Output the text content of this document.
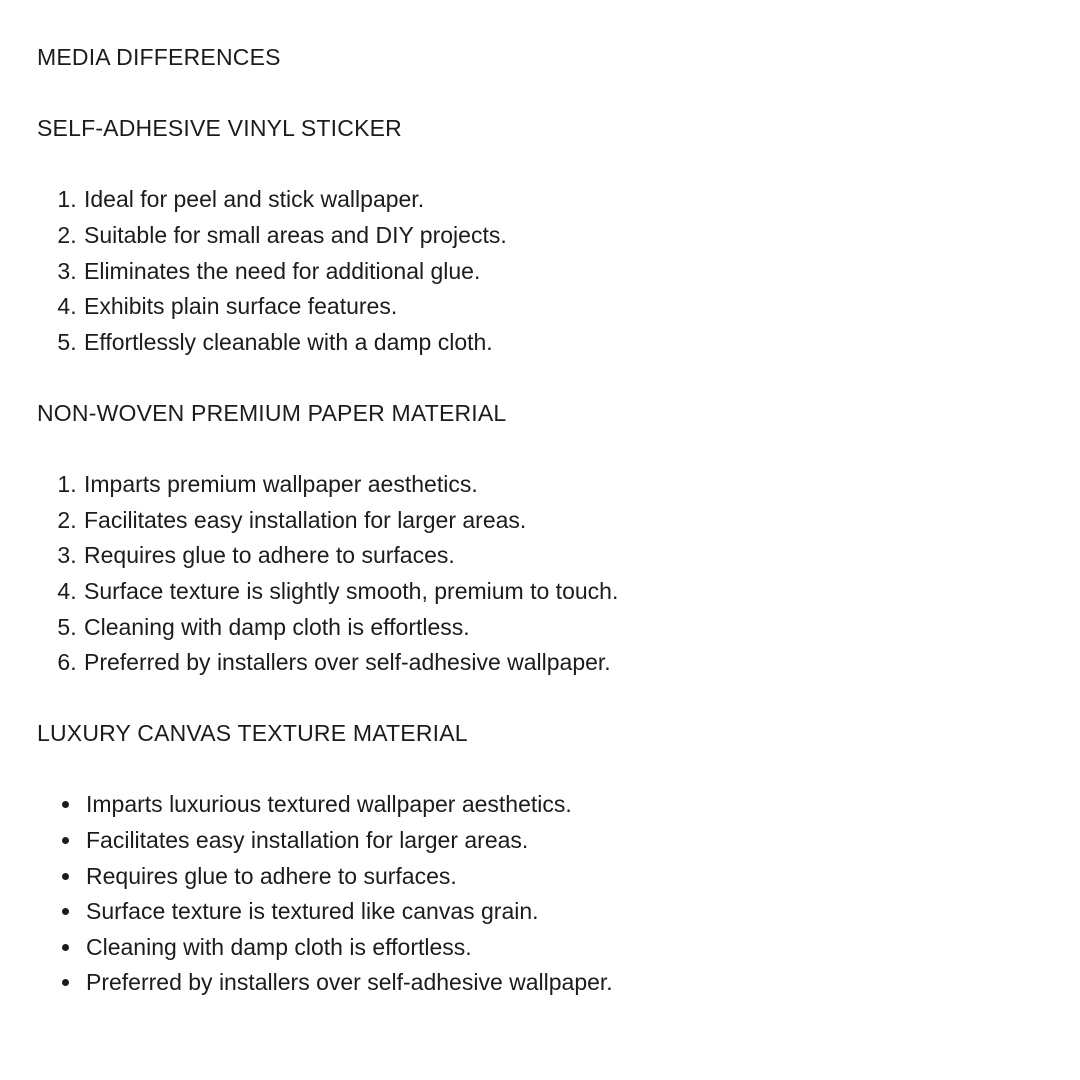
MEDIA DIFFERENCES

SELF-ADHESIVE VINYL STICKER

1. Ideal for peel and stick wallpaper.
2. Suitable for small areas and DIY projects.
3. Eliminates the need for additional glue.
4. Exhibits plain surface features.
5. Effortlessly cleanable with a damp cloth.

NON-WOVEN PREMIUM PAPER MATERIAL

1. Imparts premium wallpaper aesthetics.
2. Facilitates easy installation for larger areas.
3. Requires glue to adhere to surfaces.
4. Surface texture is slightly smooth, premium to touch.
5. Cleaning with damp cloth is effortless.
6. Preferred by installers over self-adhesive wallpaper.

LUXURY CANVAS TEXTURE MATERIAL

• Imparts luxurious textured wallpaper aesthetics.
• Facilitates easy installation for larger areas.
• Requires glue to adhere to surfaces.
• Surface texture is textured like canvas grain.
• Cleaning with damp cloth is effortless.
• Preferred by installers over self-adhesive wallpaper.
